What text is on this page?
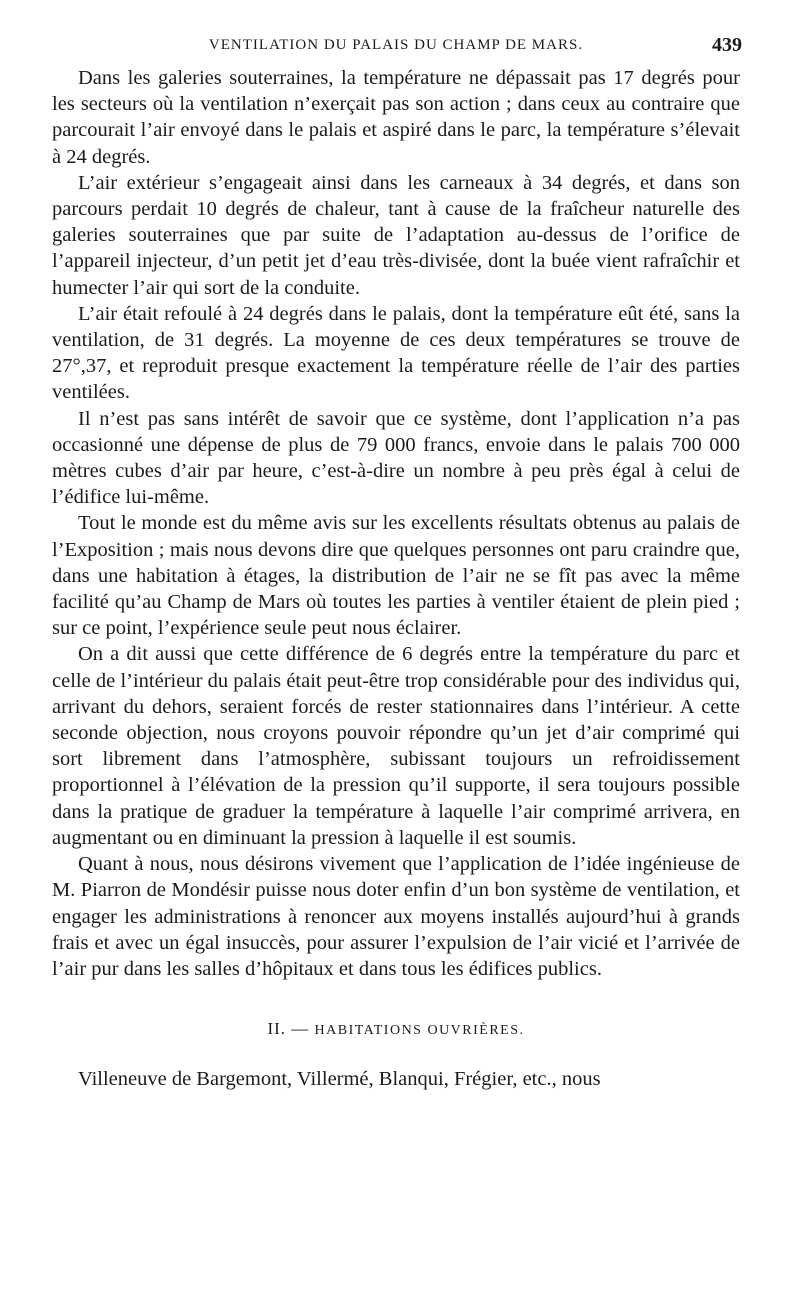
VENTILATION DU PALAIS DU CHAMP DE MARS.	439

Dans les galeries souterraines, la température ne dépassait pas 17 degrés pour les secteurs où la ventilation n’exerçait pas son action ; dans ceux au contraire que parcourait l’air envoyé dans le palais et aspiré dans le parc, la température s’élevait à 24 degrés.

L’air extérieur s’engageait ainsi dans les carneaux à 34 degrés, et dans son parcours perdait 10 degrés de chaleur, tant à cause de la fraîcheur naturelle des galeries souterraines que par suite de l’adaptation au-dessus de l’orifice de l’appareil injecteur, d’un petit jet d’eau très-divisée, dont la buée vient rafraîchir et humecter l’air qui sort de la conduite.

L’air était refoulé à 24 degrés dans le palais, dont la température eût été, sans la ventilation, de 31 degrés. La moyenne de ces deux températures se trouve de 27°,37, et reproduit presque exactement la température réelle de l’air des parties ventilées.

Il n’est pas sans intérêt de savoir que ce système, dont l’application n’a pas occasionné une dépense de plus de 79 000 francs, envoie dans le palais 700 000 mètres cubes d’air par heure, c’est-à-dire un nombre à peu près égal à celui de l’édifice lui-même.

Tout le monde est du même avis sur les excellents résultats obtenus au palais de l’Exposition ; mais nous devons dire que quelques personnes ont paru craindre que, dans une habitation à étages, la distribution de l’air ne se fît pas avec la même facilité qu’au Champ de Mars où toutes les parties à ventiler étaient de plein pied ; sur ce point, l’expérience seule peut nous éclairer.

On a dit aussi que cette différence de 6 degrés entre la température du parc et celle de l’intérieur du palais était peut-être trop considérable pour des individus qui, arrivant du dehors, seraient forcés de rester stationnaires dans l’intérieur. A cette seconde objection, nous croyons pouvoir répondre qu’un jet d’air comprimé qui sort librement dans l’atmosphère, subissant toujours un refroidissement proportionnel à l’élévation de la pression qu’il supporte, il sera toujours possible dans la pratique de graduer la température à laquelle l’air comprimé arrivera, en augmentant ou en diminuant la pression à laquelle il est soumis.

Quant à nous, nous désirons vivement que l’application de l’idée ingénieuse de M. Piarron de Mondésir puisse nous doter enfin d’un bon système de ventilation, et engager les administrations à renoncer aux moyens installés aujourd’hui à grands frais et avec un égal insuccès, pour assurer l’expulsion de l’air vicié et l’arrivée de l’air pur dans les salles d’hôpitaux et dans tous les édifices publics.

II. — HABITATIONS OUVRIÈRES.

Villeneuve de Bargemont, Villermé, Blanqui, Frégier, etc., nous
